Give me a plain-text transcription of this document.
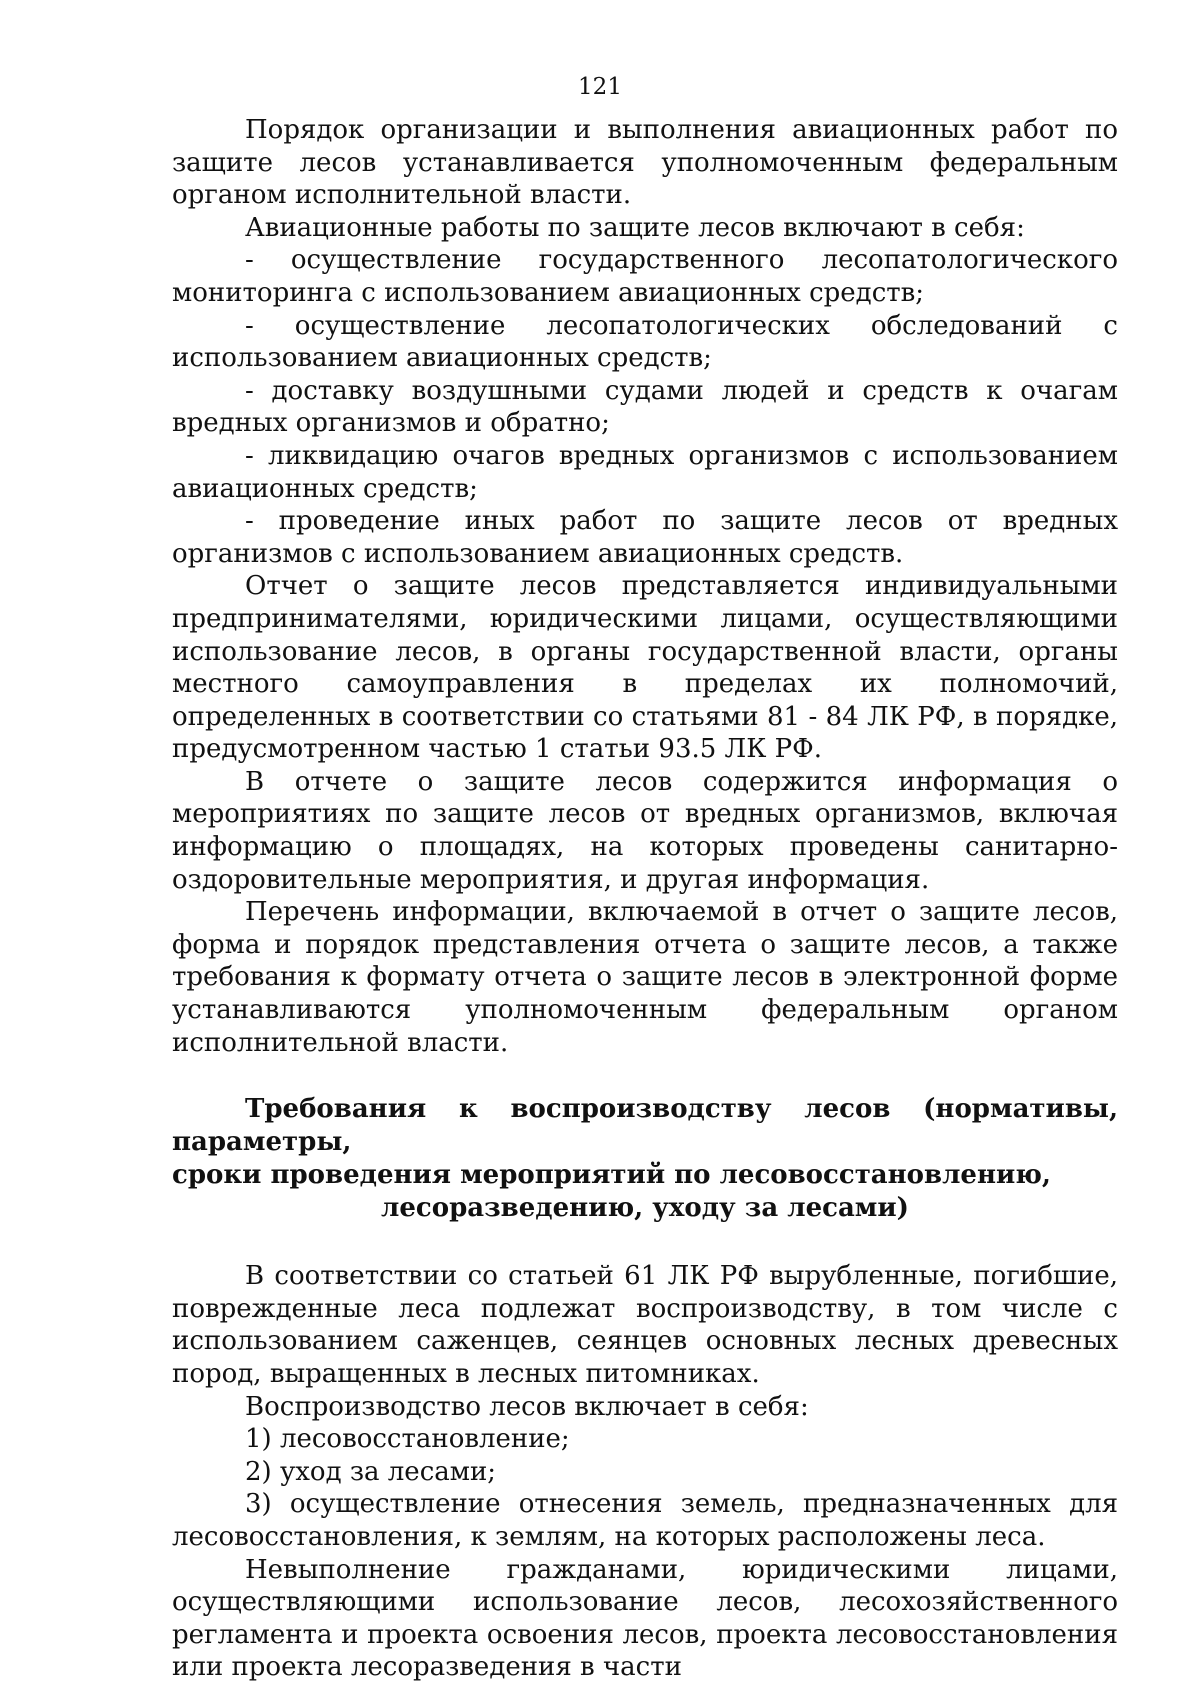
121

Порядок организации и выполнения авиационных работ по защите лесов устанавливается уполномоченным федеральным органом исполнительной власти.

Авиационные работы по защите лесов включают в себя:

- осуществление государственного лесопатологического мониторинга с использованием авиационных средств;

- осуществление лесопатологических обследований с использованием авиационных средств;

- доставку воздушными судами людей и средств к очагам вредных организмов и обратно;

- ликвидацию очагов вредных организмов с использованием авиационных средств;

- проведение иных работ по защите лесов от вредных организмов с использованием авиационных средств.

Отчет о защите лесов представляется индивидуальными предпринимателями, юридическими лицами, осуществляющими использование лесов, в органы государственной власти, органы местного самоуправления в пределах их полномочий, определенных в соответствии со статьями 81 - 84 ЛК РФ, в порядке, предусмотренном частью 1 статьи 93.5 ЛК РФ.

В отчете о защите лесов содержится информация о мероприятиях по защите лесов от вредных организмов, включая информацию о площадях, на которых проведены санитарно-оздоровительные мероприятия, и другая информация.

Перечень информации, включаемой в отчет о защите лесов, форма и порядок представления отчета о защите лесов, а также требования к формату отчета о защите лесов в электронной форме устанавливаются уполномоченным федеральным органом исполнительной власти.

Требования к воспроизводству лесов (нормативы, параметры,
сроки проведения мероприятий по лесовосстановлению,
лесоразведению, уходу за лесами)

В соответствии со статьей 61 ЛК РФ вырубленные, погибшие, поврежденные леса подлежат воспроизводству, в том числе с использованием саженцев, сеянцев основных лесных древесных пород, выращенных в лесных питомниках.

Воспроизводство лесов включает в себя:

1) лесовосстановление;

2) уход за лесами;

3) осуществление отнесения земель, предназначенных для лесовосстановления, к землям, на которых расположены леса.

Невыполнение гражданами, юридическими лицами, осуществляющими использование лесов, лесохозяйственного регламента и проекта освоения лесов, проекта лесовосстановления или проекта лесоразведения в части
